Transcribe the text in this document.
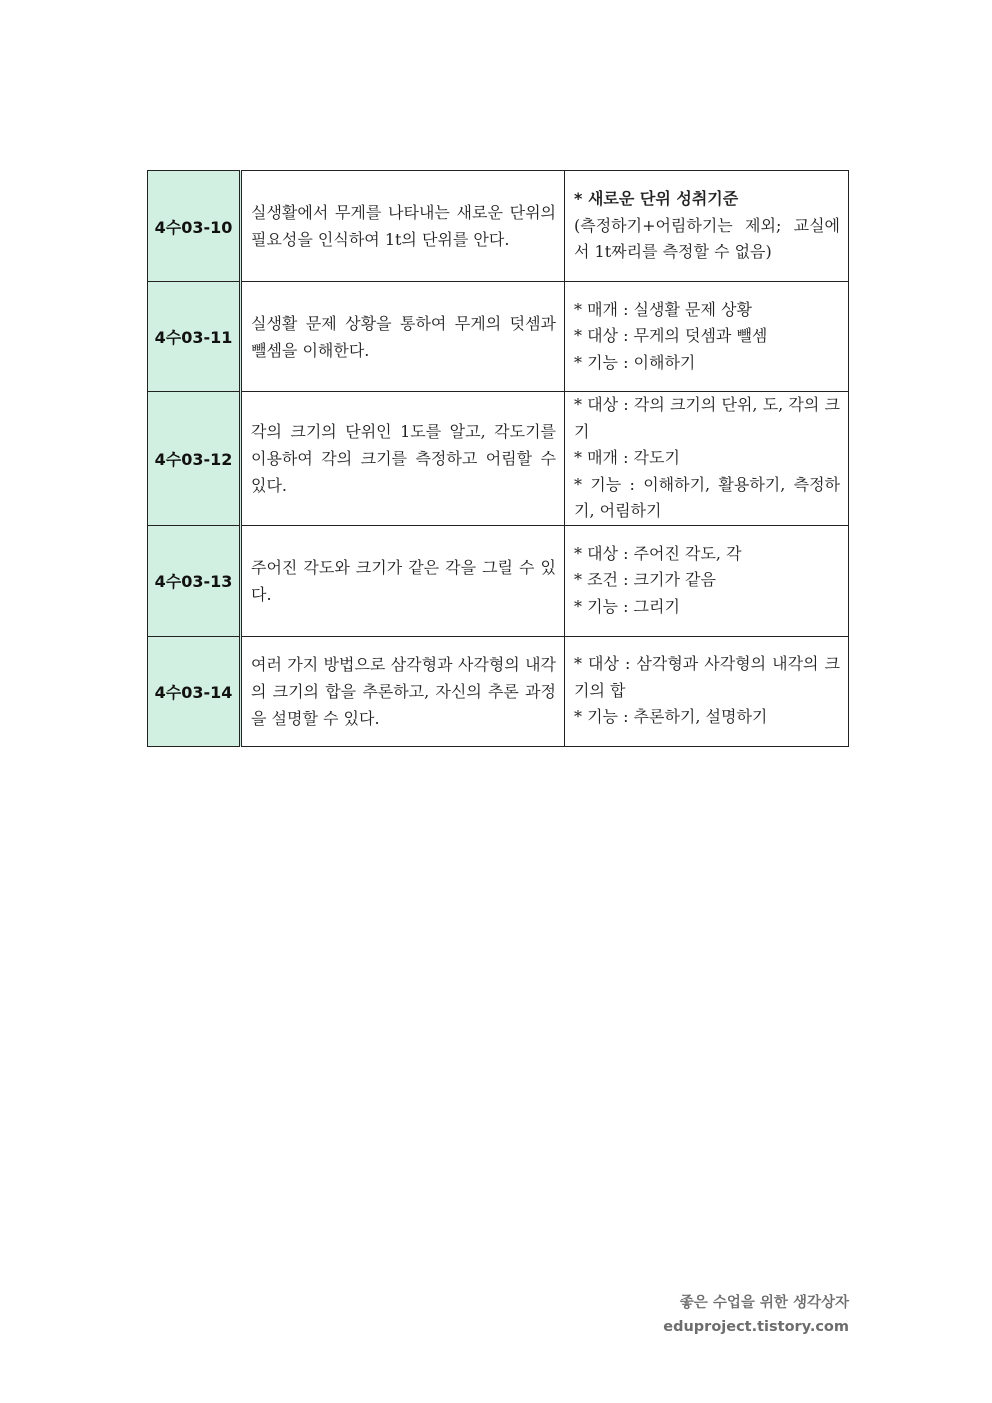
4수03-10	실생활에서 무게를 나타내는 새로운 단위의 필요성을 인식하여 1t의 단위를 안다.	* 새로운 단위 성취기준
(측정하기+어림하기는 제외; 교실에서 1t짜리를 측정할 수 없음)

4수03-11	실생활 문제 상황을 통하여 무게의 덧셈과 뺄셈을 이해한다.	* 매개 : 실생활 문제 상황
* 대상 : 무게의 덧셈과 뺄셈
* 기능 : 이해하기

4수03-12	각의 크기의 단위인 1도를 알고, 각도기를 이용하여 각의 크기를 측정하고 어림할 수 있다.	* 대상 : 각의 크기의 단위, 도, 각의 크기
* 매개 : 각도기
* 기능 : 이해하기, 활용하기, 측정하기, 어림하기

4수03-13	주어진 각도와 크기가 같은 각을 그릴 수 있다.	* 대상 : 주어진 각도, 각
* 조건 : 크기가 같음
* 기능 : 그리기

4수03-14	여러 가지 방법으로 삼각형과 사각형의 내각의 크기의 합을 추론하고, 자신의 추론 과정을 설명할 수 있다.	* 대상 : 삼각형과 사각형의 내각의 크기의 합
* 기능 : 추론하기, 설명하기
좋은 수업을 위한 생각상자
eduproject.tistory.com
